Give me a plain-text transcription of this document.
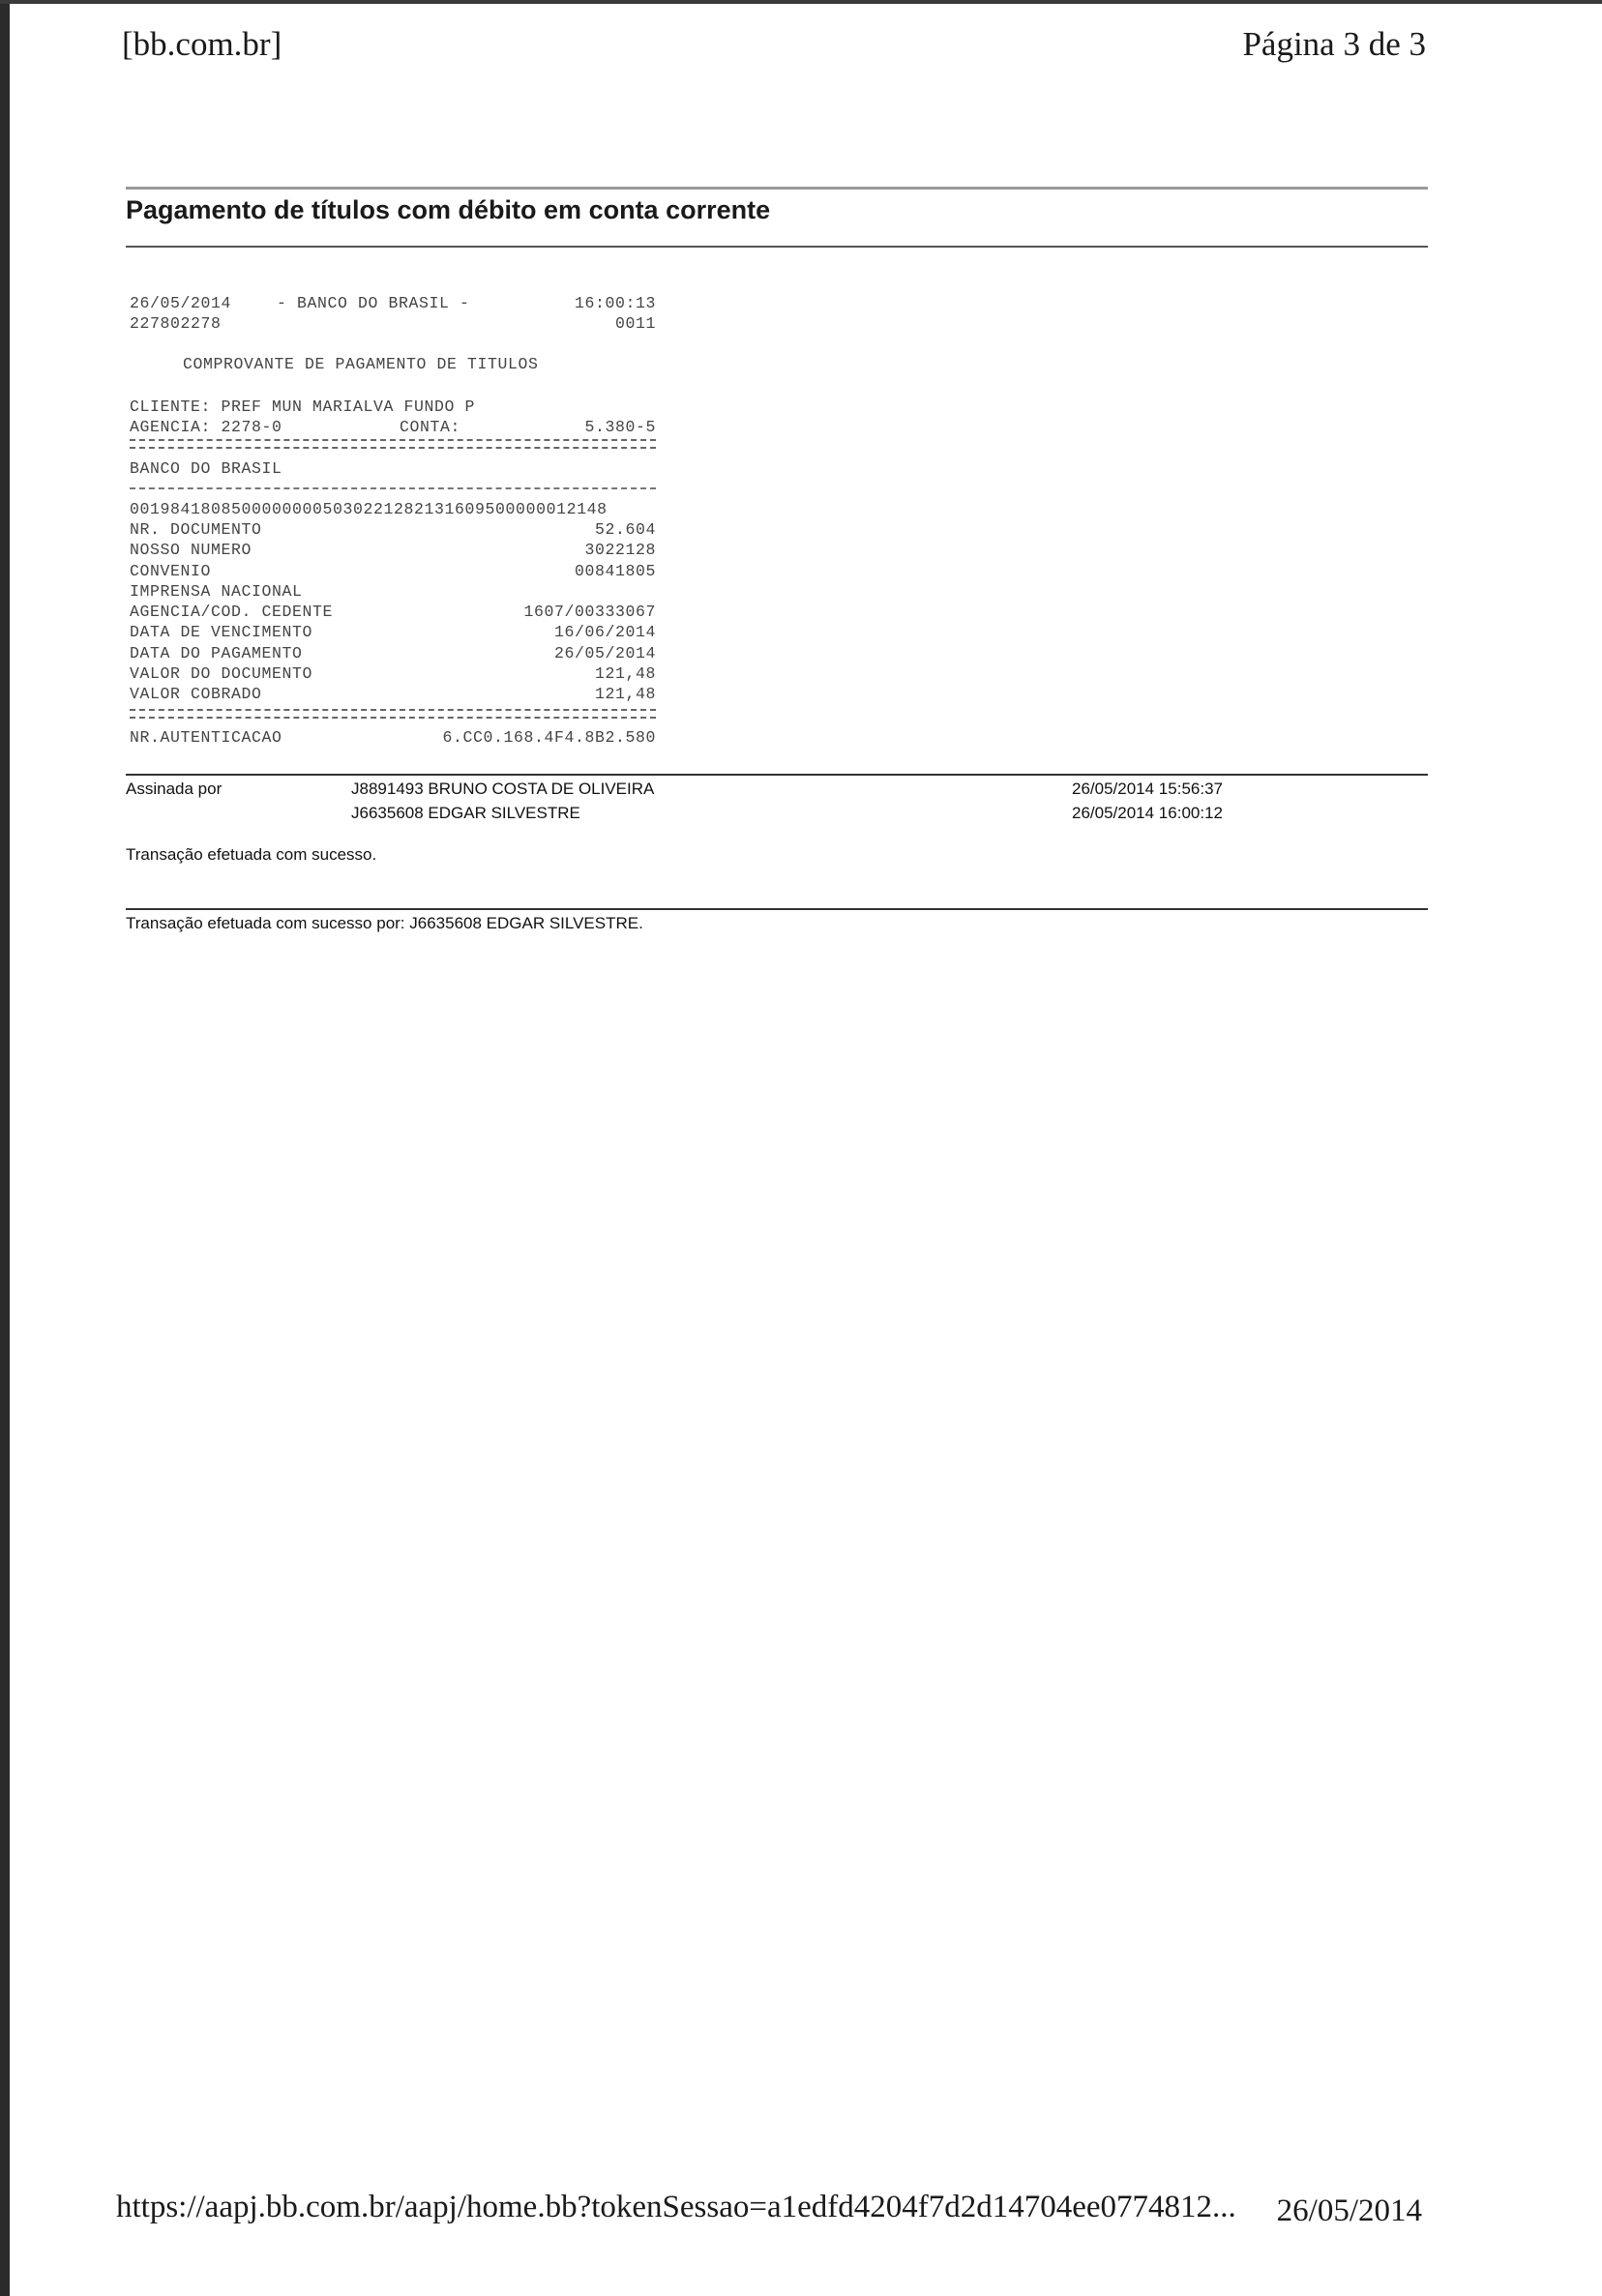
[bb.com.br]	Página 3 de 3
Pagamento de títulos com débito em conta corrente
26/05/2014	- BANCO DO BRASIL -	16:00:13
227802278	0011
COMPROVANTE DE PAGAMENTO DE TITULOS
CLIENTE: PREF MUN MARIALVA FUNDO P
AGENCIA: 2278-0	CONTA:	5.380-5
BANCO DO BRASIL
00198418085000000005030221282131609500000012148
NR. DOCUMENTO	52.604
NOSSO NUMERO	3022128
CONVENIO	00841805
IMPRENSA NACIONAL
AGENCIA/COD. CEDENTE	1607/00333067
DATA DE VENCIMENTO	16/06/2014
DATA DO PAGAMENTO	26/05/2014
VALOR DO DOCUMENTO	121,48
VALOR COBRADO	121,48
NR.AUTENTICACAO	6.CC0.168.4F4.8B2.580
Assinada por	J8891493 BRUNO COSTA DE OLIVEIRA	26/05/2014 15:56:37
J6635608 EDGAR SILVESTRE	26/05/2014 16:00:12
Transação efetuada com sucesso.
Transação efetuada com sucesso por: J6635608 EDGAR SILVESTRE.
https://aapj.bb.com.br/aapj/home.bb?tokenSessao=a1edfd4204f7d2d14704ee0774812... 26/05/2014
